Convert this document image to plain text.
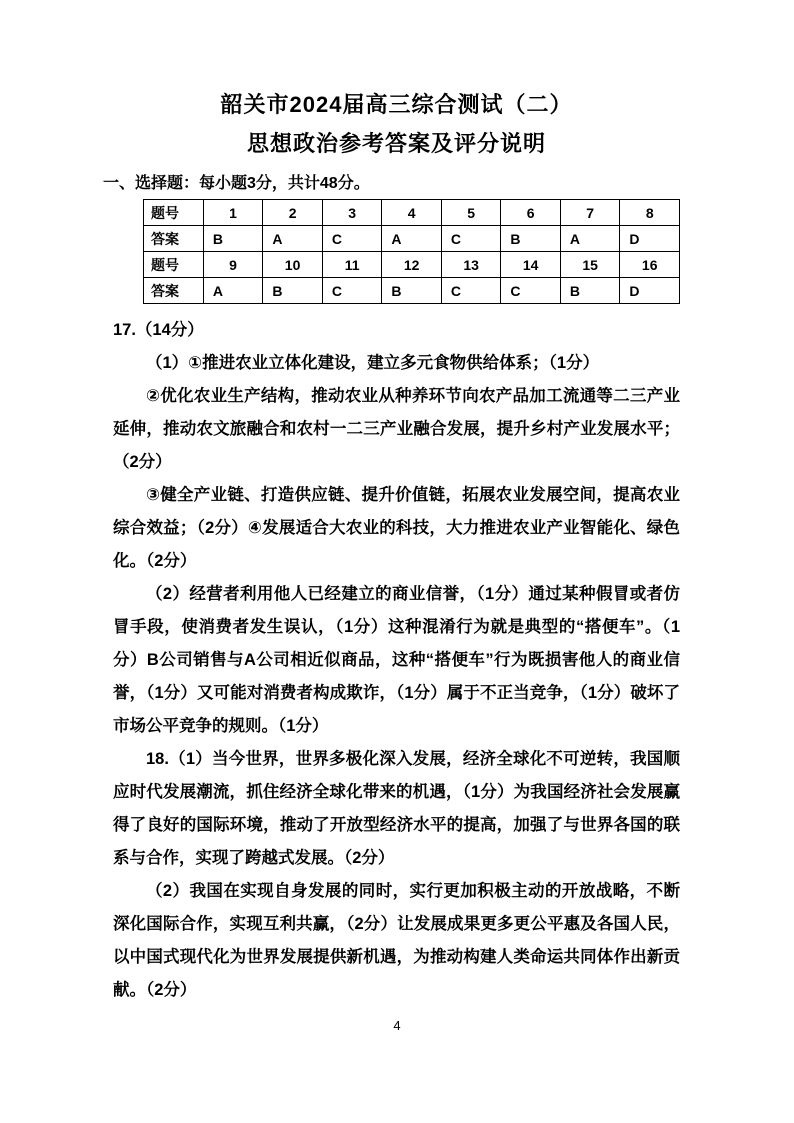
韶关市2024届高三综合测试（二）
思想政治参考答案及评分说明

一、选择题：每小题3分，共计48分。

题号	1	2	3	4	5	6	7	8
答案	B	A	C	A	C	B	A	D
题号	9	10	11	12	13	14	15	16
答案	A	B	C	B	C	C	B	D

17.（14分）

（1）①推进农业立体化建设，建立多元食物供给体系；（1分）

②优化农业生产结构，推动农业从种养环节向农产品加工流通等二三产业延伸，推动农文旅融合和农村一二三产业融合发展，提升乡村产业发展水平；（2分）

③健全产业链、打造供应链、提升价值链，拓展农业发展空间，提高农业综合效益；（2分）④发展适合大农业的科技，大力推进农业产业智能化、绿色化。（2分）

（2）经营者利用他人已经建立的商业信誉，（1分）通过某种假冒或者仿冒手段，使消费者发生误认，（1分）这种混淆行为就是典型的“搭便车”。（1分）B公司销售与A公司相近似商品，这种“搭便车”行为既损害他人的商业信誉，（1分）又可能对消费者构成欺诈，（1分）属于不正当竞争，（1分）破坏了市场公平竞争的规则。（1分）

18.（1）当今世界，世界多极化深入发展，经济全球化不可逆转，我国顺应时代发展潮流，抓住经济全球化带来的机遇，（1分）为我国经济社会发展赢得了良好的国际环境，推动了开放型经济水平的提高，加强了与世界各国的联系与合作，实现了跨越式发展。（2分）

（2）我国在实现自身发展的同时，实行更加积极主动的开放战略，不断深化国际合作，实现互利共赢，（2分）让发展成果更多更公平惠及各国人民，以中国式现代化为世界发展提供新机遇，为推动构建人类命运共同体作出新贡献。（2分）

4
